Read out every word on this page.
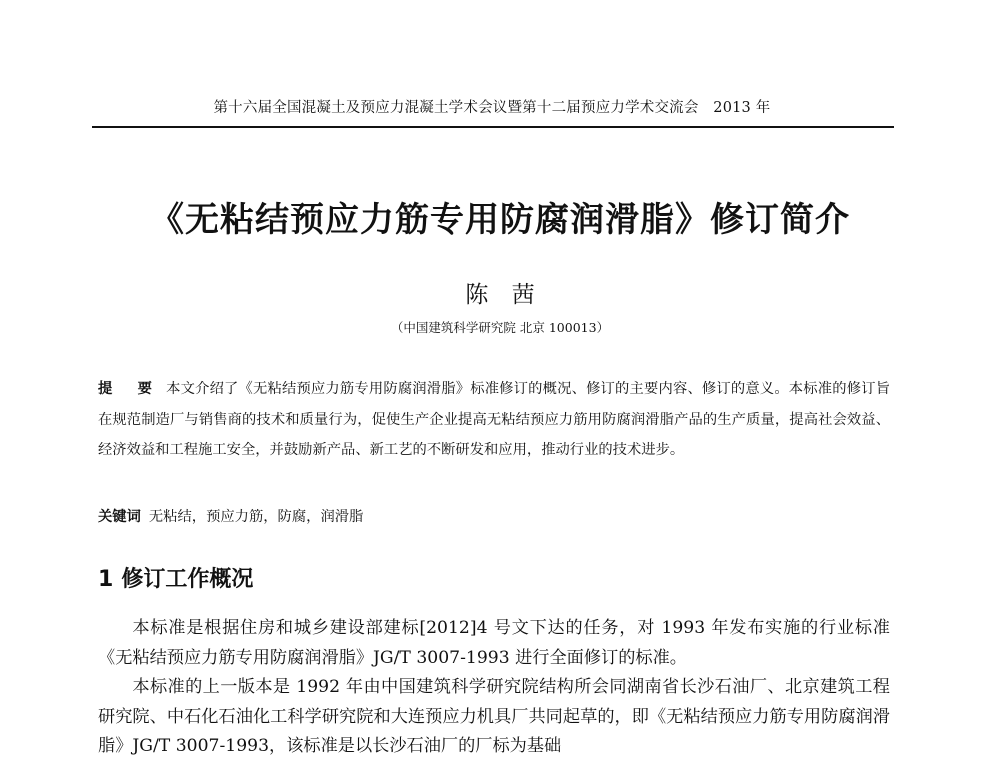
第十六届全国混凝土及预应力混凝土学术会议暨第十二届预应力学术交流会　2013 年
《无粘结预应力筋专用防腐润滑脂》修订简介
陈 茜
（中国建筑科学研究院 北京 100013）
提 要 本文介绍了《无粘结预应力筋专用防腐润滑脂》标准修订的概况、修订的主要内容、修订的意义。本标准的修订旨在规范制造厂与销售商的技术和质量行为，促使生产企业提高无粘结预应力筋用防腐润滑脂产品的生产质量，提高社会效益、经济效益和工程施工安全，并鼓励新产品、新工艺的不断研发和应用，推动行业的技术进步。
关键词 无粘结，预应力筋，防腐，润滑脂
1 修订工作概况

本标准是根据住房和城乡建设部建标[2012]4 号文下达的任务，对 1993 年发布实施的行业标准《无粘结预应力筋专用防腐润滑脂》JG/T 3007-1993 进行全面修订的标准。

本标准的上一版本是 1992 年由中国建筑科学研究院结构所会同湖南省长沙石油厂、北京建筑工程研究院、中石化石油化工科学研究院和大连预应力机具厂共同起草的，即《无粘结预应力筋专用防腐润滑脂》JG/T 3007-1993，该标准是以长沙石油厂的厂标为基础
